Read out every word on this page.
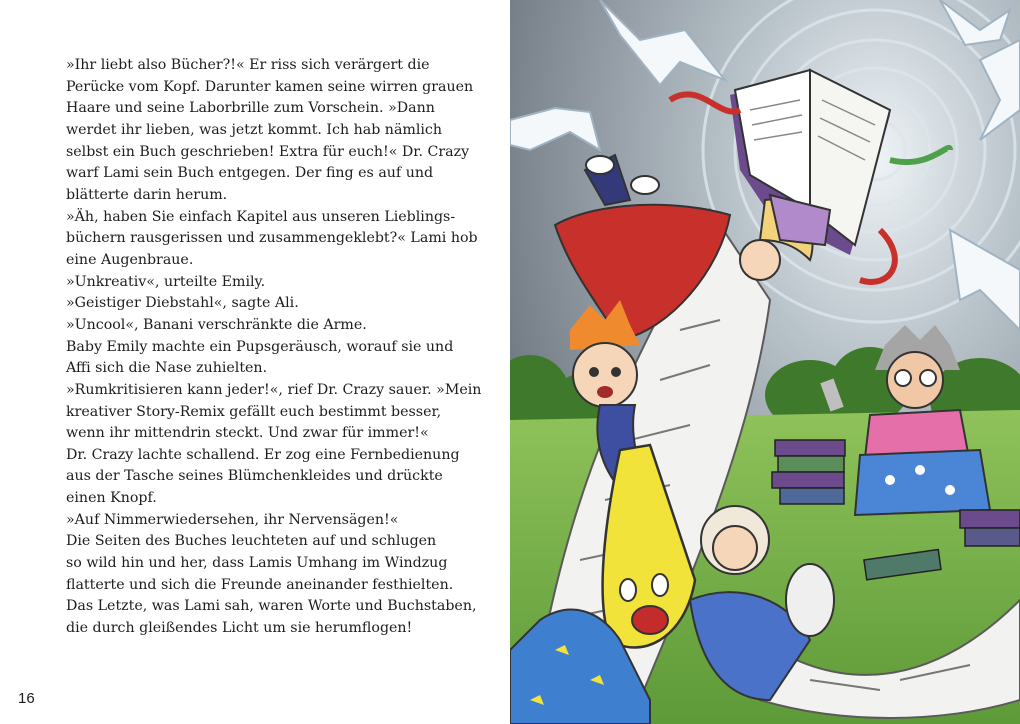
»Ihr liebt also Bücher?!« Er riss sich verärgert die

Perücke vom Kopf. Darunter kamen seine wirren grauen

Haare und seine Laborbrille zum Vorschein. »Dann

werdet ihr lieben, was jetzt kommt. Ich hab nämlich

selbst ein Buch geschrieben! Extra für euch!« Dr. Crazy

warf Lami sein Buch entgegen. Der fing es auf und

blätterte darin herum.

»Äh, haben Sie einfach Kapitel aus unseren Lieblings-

büchern rausgerissen und zusammengeklebt?« Lami hob

eine Augenbraue.

»Unkreativ«, urteilte Emily.

»Geistiger Diebstahl«, sagte Ali.

»Uncool«, Banani verschränkte die Arme.

Baby Emily machte ein Pupsgeräusch, worauf sie und

Affi sich die Nase zuhielten.

»Rumkritisieren kann jeder!«, rief Dr. Crazy sauer. »Mein

kreativer Story-Remix gefällt euch bestimmt besser,

wenn ihr mittendrin steckt. Und zwar für immer!«

Dr. Crazy lachte schallend. Er zog eine Fernbedienung

aus der Tasche seines Blümchenkleides und drückte

einen Knopf.

»Auf Nimmerwiedersehen, ihr Nervensägen!«

Die Seiten des Buches leuchteten auf und schlugen

so wild hin und her, dass Lamis Umhang im Windzug

flatterte und sich die Freunde aneinander festhielten.

Das Letzte, was Lami sah, waren Worte und Buchstaben,

die durch gleißendes Licht um sie herumflogen!

16
